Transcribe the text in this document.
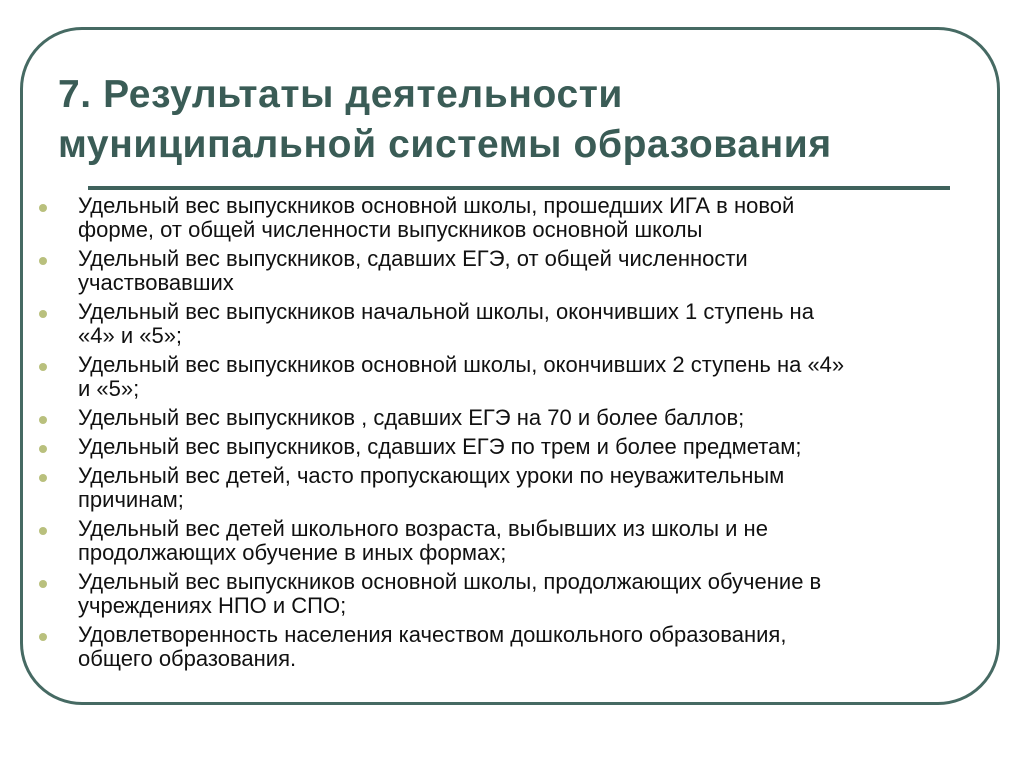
7. Результаты деятельности
муниципальной системы образования
Удельный вес выпускников основной школы, прошедших ИГА в новой
форме, от общей численности выпускников основной школы
Удельный вес выпускников, сдавших ЕГЭ, от общей численности
участвовавших
Удельный вес выпускников начальной школы, окончивших 1 ступень на
«4» и «5»;
Удельный вес выпускников основной школы, окончивших 2 ступень на «4»
и «5»;
Удельный вес выпускников , сдавших ЕГЭ на 70 и более баллов;
Удельный вес выпускников, сдавших ЕГЭ по трем и более предметам;
Удельный вес детей, часто пропускающих уроки по неуважительным
причинам;
Удельный вес детей школьного возраста, выбывших из школы и не
продолжающих обучение в иных формах;
Удельный вес выпускников основной школы, продолжающих обучение в
учреждениях НПО и СПО;
Удовлетворенность населения качеством дошкольного образования,
общего образования.
